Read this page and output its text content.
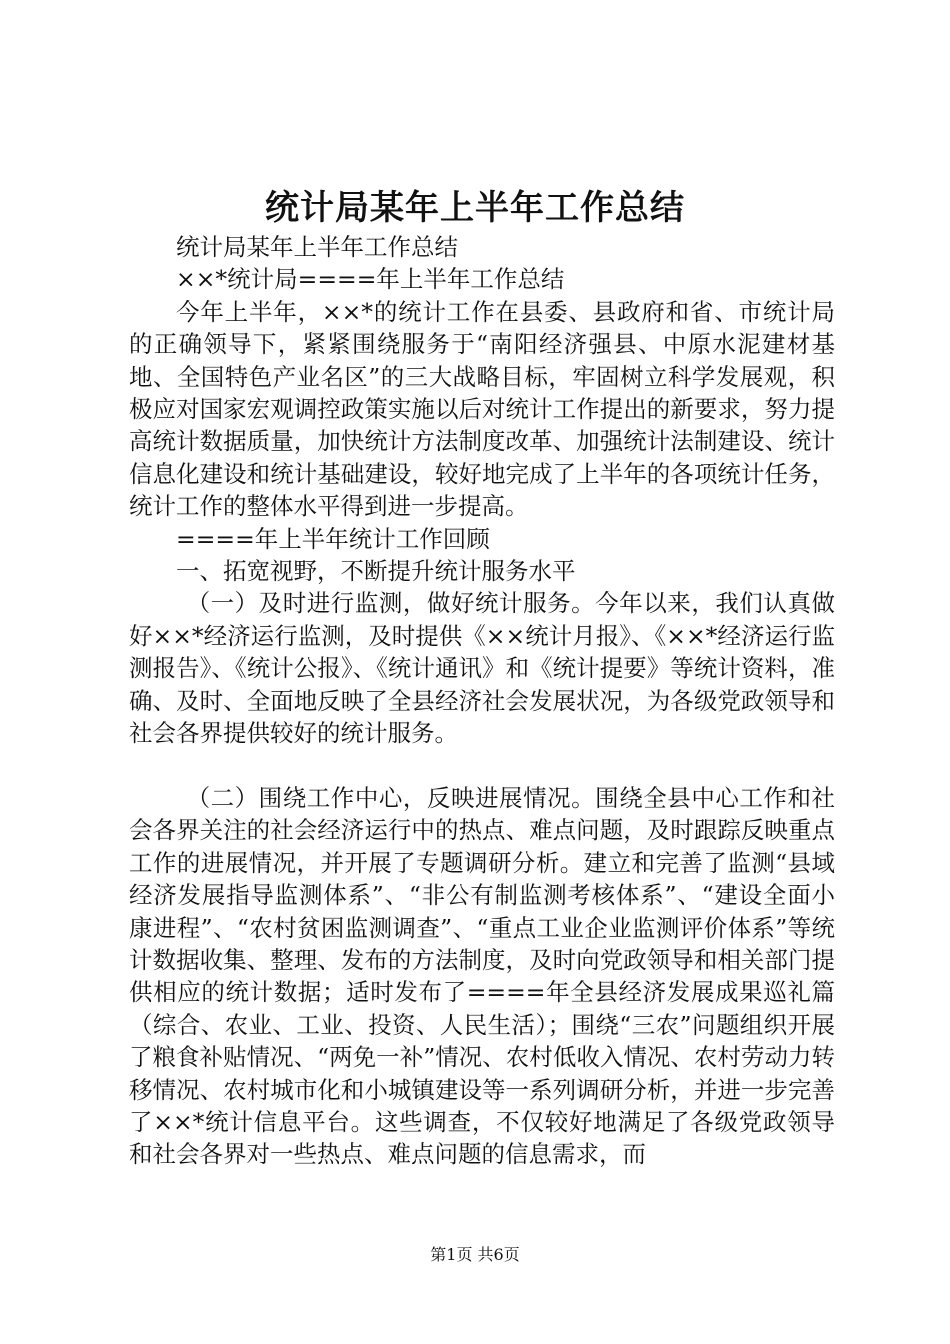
统计局某年上半年工作总结

统计局某年上半年工作总结

××*统计局====年上半年工作总结

今年上半年，××*的统计工作在县委、县政府和省、市统计局的正确领导下，紧紧围绕服务于“南阳经济强县、中原水泥建材基地、全国特色产业名区”的三大战略目标，牢固树立科学发展观，积极应对国家宏观调控政策实施以后对统计工作提出的新要求，努力提高统计数据质量，加快统计方法制度改革、加强统计法制建设、统计信息化建设和统计基础建设，较好地完成了上半年的各项统计任务，统计工作的整体水平得到进一步提高。

====年上半年统计工作回顾

一、拓宽视野，不断提升统计服务水平

（一）及时进行监测，做好统计服务。今年以来，我们认真做好××*经济运行监测，及时提供《××统计月报》、《××*经济运行监测报告》、《统计公报》、《统计通讯》和《统计提要》等统计资料，准确、及时、全面地反映了全县经济社会发展状况，为各级党政领导和社会各界提供较好的统计服务。

（二）围绕工作中心，反映进展情况。围绕全县中心工作和社会各界关注的社会经济运行中的热点、难点问题，及时跟踪反映重点工作的进展情况，并开展了专题调研分析。建立和完善了监测“县域经济发展指导监测体系”、“非公有制监测考核体系”、“建设全面小康进程”、“农村贫困监测调查”、“重点工业企业监测评价体系”等统计数据收集、整理、发布的方法制度，及时向党政领导和相关部门提供相应的统计数据；适时发布了====年全县经济发展成果巡礼篇（综合、农业、工业、投资、人民生活）；围绕“三农”问题组织开展了粮食补贴情况、“两免一补”情况、农村低收入情况、农村劳动力转移情况、农村城市化和小城镇建设等一系列调研分析，并进一步完善了××*统计信息平台。这些调查，不仅较好地满足了各级党政领导和社会各界对一些热点、难点问题的信息需求，而

第1页 共6页
